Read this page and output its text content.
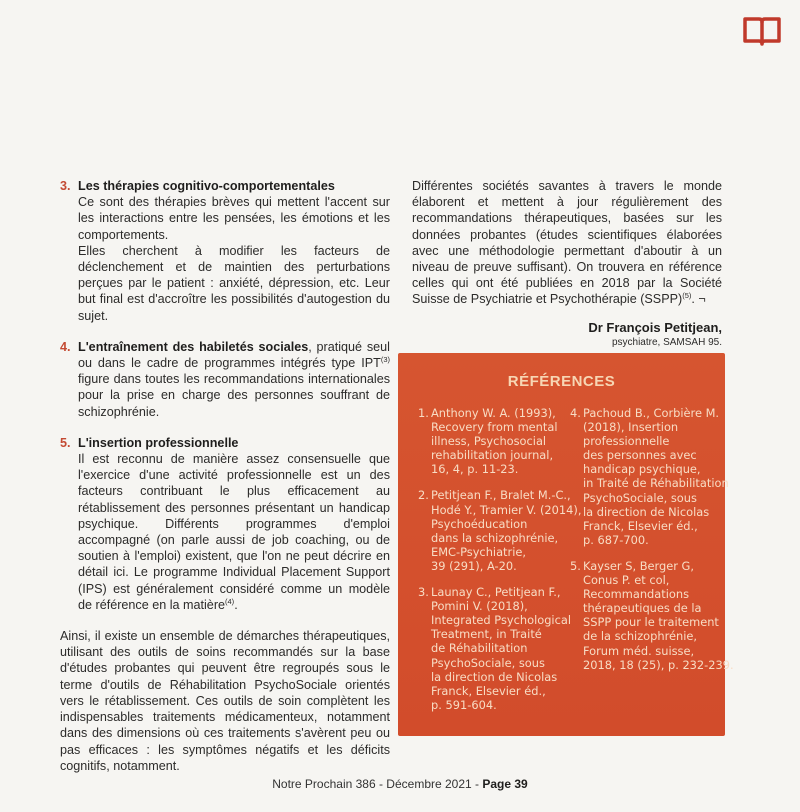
3. Les thérapies cognitivo-comportementales
Ce sont des thérapies brèves qui mettent l'accent sur les interactions entre les pensées, les émotions et les comportements.
Elles cherchent à modifier les facteurs de déclenchement et de maintien des perturbations perçues par le patient : anxiété, dépression, etc. Leur but final est d'accroître les possibilités d'autogestion du sujet.
4. L'entraînement des habiletés sociales, pratiqué seul ou dans le cadre de programmes intégrés type IPT$^{(3)}$ figure dans toutes les recommandations internationales pour la prise en charge des personnes souffrant de schizophrénie.
5. L'insertion professionnelle
Il est reconnu de manière assez consensuelle que l'exercice d'une activité professionnelle est un des facteurs contribuant le plus efficacement au rétablissement des personnes présentant un handicap psychique. Différents programmes d'emploi accompagné (on parle aussi de job coaching, ou de soutien à l'emploi) existent, que l'on ne peut décrire en détail ici. Le programme Individual Placement Support (IPS) est généralement considéré comme un modèle de référence en la matière$^{(4)}$.
Ainsi, il existe un ensemble de démarches thérapeutiques, utilisant des outils de soins recommandés sur la base d'études probantes qui peuvent être regroupés sous le terme d'outils de Réhabilitation PsychoSociale orientés vers le rétablissement. Ces outils de soin complètent les indispensables traitements médicamenteux, notamment dans des dimensions où ces traitements s'avèrent peu ou pas efficaces : les symptômes négatifs et les déficits cognitifs, notamment.
Différentes sociétés savantes à travers le monde élaborent et mettent à jour régulièrement des recommandations thérapeutiques, basées sur les données probantes (études scientifiques élaborées avec une méthodologie permettant d'aboutir à un niveau de preuve suffisant). On trouvera en référence celles qui ont été publiées en 2018 par la Société Suisse de Psychiatrie et Psychothérapie (SSPP)$^{(5)}$. ¬
Dr François Petitjean,
psychiatre, SAMSAH 95.
RÉFÉRENCES
1. Anthony W. A. (1993),
Recovery from mental
illness, Psychosocial
rehabilitation journal,
16, 4, p. 11-23.
2. Petitjean F., Bralet M.-C.,
Hodé Y., Tramier V. (2014),
Psychoéducation
dans la schizophrénie,
EMC-Psychiatrie,
39 (291), A-20.
3. Launay C., Petitjean F.,
Pomini V. (2018),
Integrated Psychological
Treatment, in Traité
de Réhabilitation
PsychoSociale, sous
la direction de Nicolas
Franck, Elsevier éd.,
p. 591-604.
4. Pachoud B., Corbière M.
(2018), Insertion
professionnelle
des personnes avec
handicap psychique,
in Traité de Réhabilitation
PsychoSociale, sous
la direction de Nicolas
Franck, Elsevier éd.,
p. 687-700.
5. Kayser S, Berger G,
Conus P. et col,
Recommandations
thérapeutiques de la
SSPP pour le traitement
de la schizophrénie,
Forum méd. suisse,
2018, 18 (25), p. 232-239.
Notre Prochain 386 - Décembre 2021 - Page 39
